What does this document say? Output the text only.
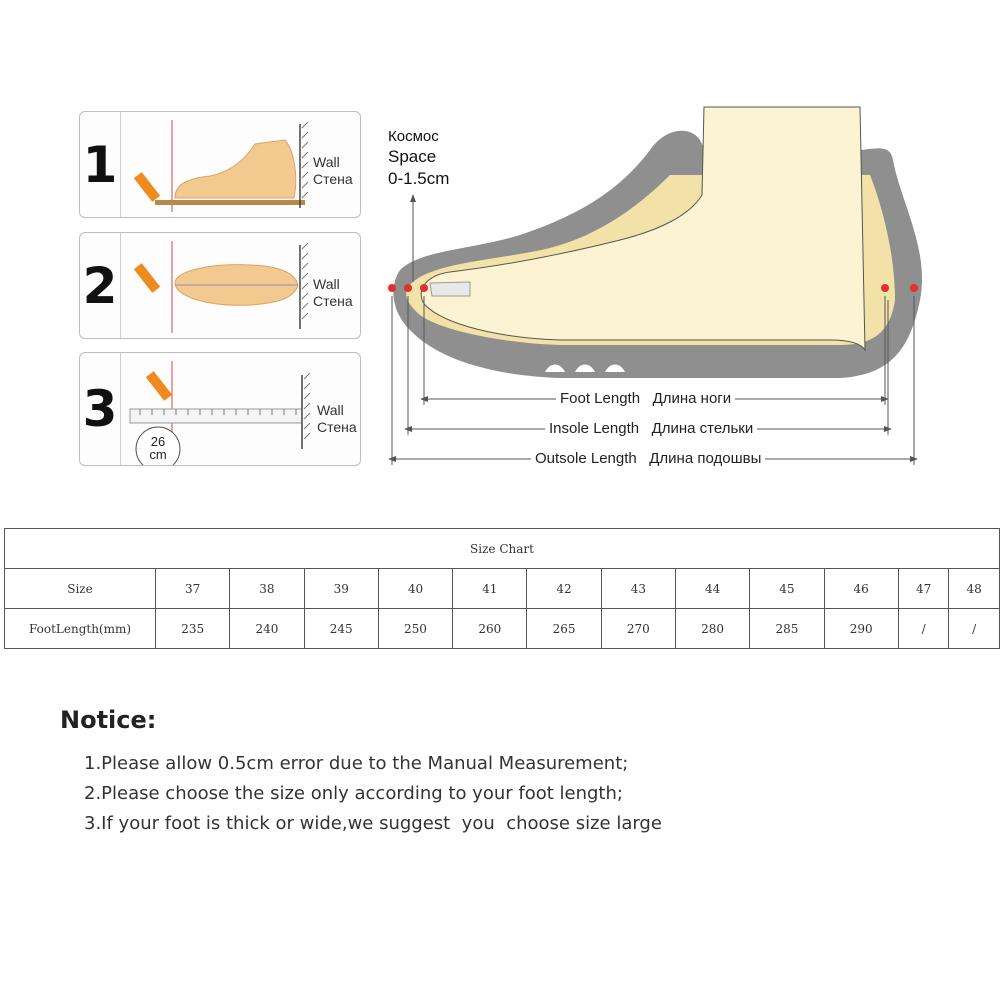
1	Wall
Стена
2	Wall
Стена
3
26
cm
Wall
Стена
Космос
Space
0-1.5cm
Foot Length Длина ноги
Insole Length Длина стельки
Outsole Length Длина подошвы
Size Chart												
Size	37	38	39	40	41	42	43	44	45	46	47	48
FootLength(mm)	235	240	245	250	260	265	270	280	285	290	/	/
Notice:
1.Please allow 0.5cm error due to the Manual Measurement;
2.Please choose the size only according to your foot length;
3.If your foot is thick or wide,we suggest  you  choose size large
